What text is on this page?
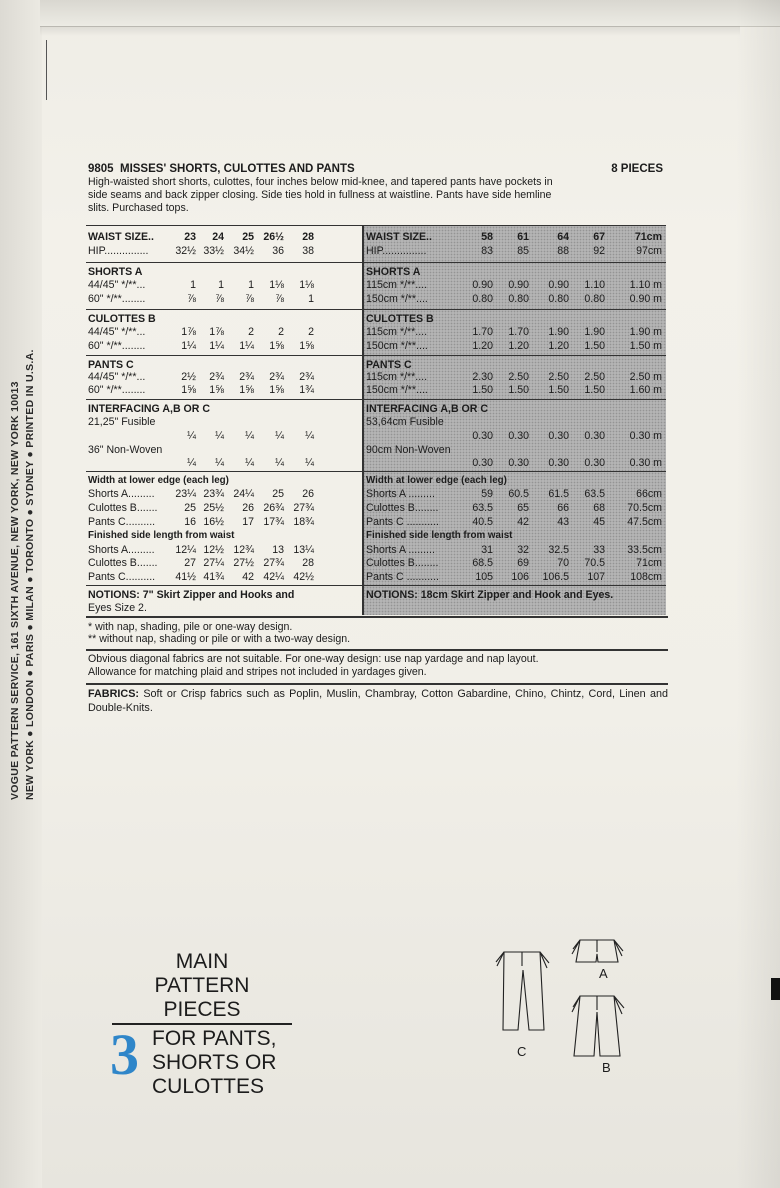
VOGUE PATTERN SERVICE, 161 SIXTH AVENUE, NEW YORK, NEW YORK 10013 NEW YORK ● LONDON ● PARIS ● MILAN ● TORONTO ● SYDNEY ● PRINTED IN U.S.A.
9805 MISSES' SHORTS, CULOTTES AND PANTS	8 PIECES
High-waisted short shorts, culottes, four inches below mid-knee, and tapered pants have pockets in
side seams and back zipper closing. Side ties hold in fullness at waistline. Pants have side hemline
slits. Purchased tops.
WAIST SIZE..	23	24	25 26½	28
HIP...............	32½ 33½ 34½	36	38
SHORTS A
44/45" */**...	1	1	1	1⅛	1⅛
60" */**........	⅞	⅞	⅞	⅞	1
CULOTTES B
44/45" */**...	1⅞	1⅞	2	2	2
60" */**........	1¼	1¼	1¼	1⅝	1⅝
PANTS C
44/45" */**...	2½	2¾	2¾	2¾	2¾
60" */**........	1⅝	1⅝	1⅝	1⅝	1¾
INTERFACING A,B OR C
21,25" Fusible
¼	¼	¼	¼	¼
36" Non-Woven
¼	¼	¼	¼	¼
Width at lower edge (each leg)
Shorts A.........	23¼ 23¾ 24¼	25	26
Culottes B.......	25 25½	26 26¾ 27¾
Pants C..........	16 16½	17 17¾ 18¾
Finished side length from waist
Shorts A.........	12¼ 12½ 12¾	13 13¼
Culottes B.......	27 27¼ 27½ 27¾	28
Pants C..........	41½ 41¾	42 42¼ 42½
NOTIONS: 7" Skirt Zipper and Hooks and
Eyes Size 2.
WAIST SIZE..	58	61	64	67	71cm
HIP...............	83	85	88	92	97cm
SHORTS A
115cm */**....	0.90	0.90	0.90	1.10	1.10 m
150cm */**....	0.80	0.80	0.80	0.80	0.90 m
CULOTTES B
115cm */**....	1.70	1.70	1.90	1.90	1.90 m
150cm */**....	1.20	1.20	1.20	1.50	1.50 m
PANTS C
115cm */**....	2.30	2.50	2.50	2.50	2.50 m
150cm */**....	1.50	1.50	1.50	1.50	1.60 m
INTERFACING A,B OR C
53,64cm Fusible
0.30	0.30	0.30	0.30	0.30 m
90cm Non-Woven
0.30	0.30	0.30	0.30	0.30 m
Width at lower edge (each leg)
Shorts A .........	59	60.5	61.5	63.5	66cm
Culottes B........	63.5	65	66	68	70.5cm
Pants C ...........	40.5	42	43	45	47.5cm
Finished side length from waist
Shorts A .........	31	32	32.5	33	33.5cm
Culottes B........	68.5	69	70	70.5	71cm
Pants C ...........	105	106	106.5	107	108cm
NOTIONS: 18cm Skirt Zipper and Hook and Eyes.
* with nap, shading, pile or one-way design.
** without nap, shading or pile or with a two-way design.
Obvious diagonal fabrics are not suitable. For one-way design: use nap yardage and nap layout.
Allowance for matching plaid and stripes not included in yardages given.
FABRICS: Soft or Crisp fabrics such as Poplin, Muslin, Chambray, Cotton Gabardine, Chino, Chintz, Cord, Linen and Double-Knits.
MAIN
PATTERN
PIECES
3 FOR PANTS,
SHORTS OR
CULOTTES
A
B
C
